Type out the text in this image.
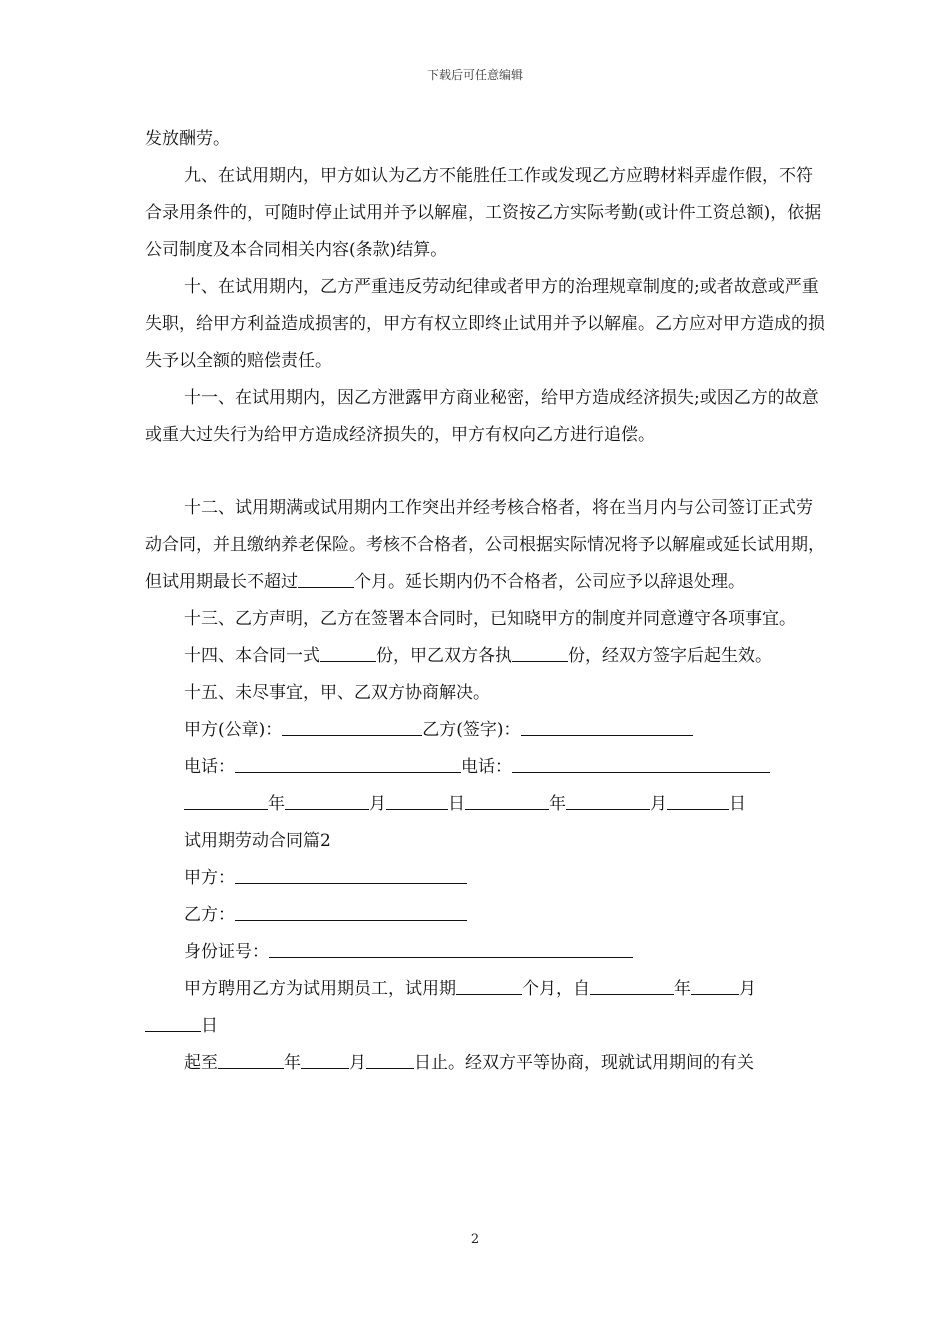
下载后可任意编辑

发放酬劳。

九、在试用期内，甲方如认为乙方不能胜任工作或发现乙方应聘材料弄虚作假，不符合录用条件的，可随时停止试用并予以解雇，工资按乙方实际考勤(或计件工资总额)，依据公司制度及本合同相关内容(条款)结算。

十、在试用期内，乙方严重违反劳动纪律或者甲方的治理规章制度的;或者故意或严重失职，给甲方利益造成损害的，甲方有权立即终止试用并予以解雇。乙方应对甲方造成的损失予以全额的赔偿责任。

十一、在试用期内，因乙方泄露甲方商业秘密，给甲方造成经济损失;或因乙方的故意或重大过失行为给甲方造成经济损失的，甲方有权向乙方进行追偿。

十二、试用期满或试用期内工作突出并经考核合格者，将在当月内与公司签订正式劳动合同，并且缴纳养老保险。考核不合格者，公司根据实际情况将予以解雇或延长试用期，但试用期最长不超过	个月。延长期内仍不合格者，公司应予以辞退处理。

十三、乙方声明，乙方在签署本合同时，已知晓甲方的制度并同意遵守各项事宜。

十四、本合同一式	份，甲乙双方各执	份，经双方签字后起生效。

十五、未尽事宜，甲、乙双方协商解决。

甲方(公章)：	乙方(签字)：
电话：	电话：
年	月	日	年	月	日
试用期劳动合同篇2
甲方：
乙方：
身份证号：
甲方聘用乙方为试用期员工，试用期	个月，自	年	月
日
起至	年	月	日止。经双方平等协商，现就试用期间的有关
2
